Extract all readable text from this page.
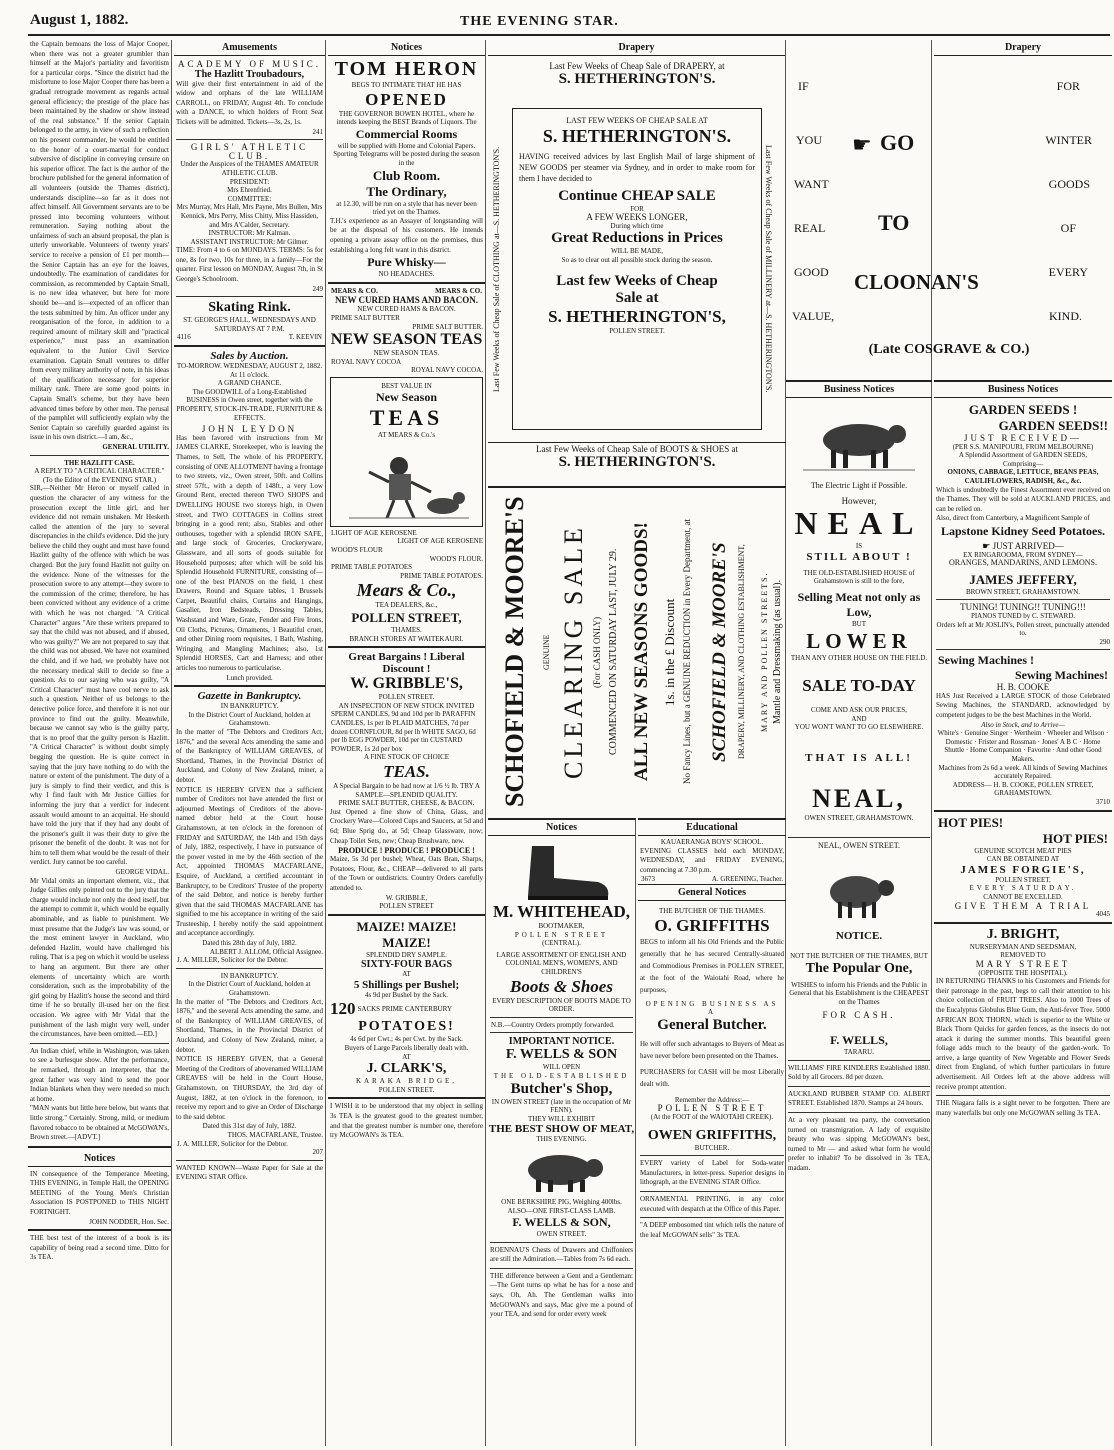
August 1, 1882.	THE EVENING STAR.
the Captain bemoans the loss of Major Cooper, when there was not a greater grumbler than himself at the Major's partiality and favoritism for a particular corps. "Since the district had the misfortune to lose Major Cooper there has been a gradual retrograde movement as regards actual general efficiency; the prestige of the place has been maintained by the shadow or show instead of the real substance." If the senior Captain belonged to the army, in view of such a reflection on his present commander, he would be entitled to the honor of a court-martial for conduct subversive of discipline in conveying censure on his superior officer. The fact is the author of the brochure published for the general information of all volunteers (outside the Thames district), understands discipline—so far as it does not affect himself. All Government servants are to be pressed into becoming volunteers without remuneration. Saying nothing about the unfairness of such an absurd proposal, the plan is utterly unworkable. Volunteers of twenty years' service to receive a pension of £1 per month—the Senior Captain has an eye for the loaves, undoubtedly. The examination of candidates for commission, as recommended by Captain Small, is no new idea whatever, but here for more should be—and is—expected of an officer than the tests submitted by him. An officer under any reorganisation of the force, in addition to a required amount of military skill and "practical experience," must pass an examination equivalent to the Junior Civil Service examination. Captain Small ventures to differ from every military authority of note, in his ideas of the qualification necessary for superior military rank. There are some good points in Captain Small's scheme, but they have been advanced times before by other men. The perusal of the pamphlet will sufficiently explain why the Senior Captain so carefully guarded against its issue in his own district.—I am, &c.,
GENERAL UTILITY.
THE HAZLITT CASE.
A REPLY TO "A CRITICAL CHARACTER." (To the Editor of the EVENING STAR.)
SIR,—Neither Mr Heron or myself called in question the character of any witness for the prosecution except the little girl, and her evidence did not remain unshaken. Mr Hesketh called the attention of the jury to several discrepancies in the child's evidence. Did the jury believe the child they ought and must have found Hazlitt guilty of the offence with which he was charged. But the jury found Hazlitt not guilty on the evidence. None of the witnesses for the prosecution swore to any attempt—they swore to the commission of the crime; therefore, he has been convicted without any evidence of a crime with which he was not charged. "A Critical Character" argues "Are these writers prepared to say that the child was not abused, and if abused, who was guilty?" We are not prepared to say that the child was not abused. We have not examined the child, and if we had, we probably have not the necessary medical skill to decide so fine a question. As to our saying who was guilty, "A Critical Character" must have cool nerve to ask such a question. Neither of us belongs to the detective police force, and therefore it is not our province to find out the guilty. Meanwhile, because we cannot say who is the guilty party, that is no proof that the guilty person is Hazlitt. "A Critical Character" is without doubt simply begging the question. He is quite correct in saying that the jury have nothing to do with the nature or extent of the punishment. The duty of a jury is simply to find their verdict, and this is why I find fault with Mr Justice Gillies for informing the jury that a verdict for indecent assault would amount to an acquittal. He should have told the jury that if they had any doubt of the prisoner's guilt it was their duty to give the prisoner the benefit of the doubt. It was not for him to tell them what would be the result of their verdict. Jury cannot be too careful.
GEORGE VIDAL.
Mr Vidal omits an important element, viz., that Judge Gillies only pointed out to the jury that the charge would include not only the deed itself, but the attempt to commit it, which would be equally abominable, and as liable to punishment. We must presume that the Judge's law was sound, or the most eminent lawyer in Auckland, who defended Hazlitt, would have challenged his ruling. That is a peg on which it would be useless to hang an argument. But there are other elements of uncertainty which are worth consideration, such as the improbability of the girl going by Hazlitt's house the second and third time if he so brutally ill-used her on the first occasion. We agree with Mr Vidal that the punishment of the lash might very well, under the circumstances, have been omitted.—ED.]
An Indian chief, while in Washington, was taken to see a burlesque show. After the performance, he remarked, through an interpreter, that the great father was very kind to send the poor Indian blankets when they were needed so much at home.
"MAN wants but little here below, but wants that little strong." Certainly. Strong, mild, or medium flavored tobacco to be obtained at McGOWAN's, Brown street.—[ADVT.]
Notices
IN consequence of the Temperance Meeting, THIS EVENING, in Temple Hall, the OPENING MEETING of the Young Men's Christian Association IS POSTPONED to THIS NIGHT FORTNIGHT.
JOHN NODDER, Hon. Sec.
THE best test of the interest of a book is its capability of being read a second time. Ditto for 3s TEA.
Amusements
ACADEMY OF MUSIC.
The Hazlitt Troubadours,
Will give their first entertainment in aid of the widow and orphans of the late WILLIAM CARROLL, on FRIDAY, August 4th. To conclude with a DANCE, to which holders of Front Seat Tickets will be admitted. Tickets—3s, 2s, 1s.
241
GIRLS' ATHLETIC CLUB.
Under the Auspices of the THAMES AMATEUR ATHLETIC CLUB.
PRESIDENT:
Mrs Ehrenfried.
COMMITTEE:
Mrs Murray, Mrs Hall, Mrs Payne, Mrs Bullen, Mrs Kennick, Mrs Perry, Miss Chitty, Miss Hassiden, and Mrs A'Calder, Secretary.
INSTRUCTOR: Mr Kalman.
ASSISTANT INSTRUCTOR: Mr Gilmer.
TIME: From 4 to 6 on MONDAYS. TERMS: 5s for one, 8s for two, 10s for three, in a family—For the quarter. First lesson on MONDAY, August 7th, in St George's Schoolroom.
249
Skating Rink.
ST. GEORGE'S HALL, WEDNESDAYS AND SATURDAYS AT 7 P.M.
4116	T. KEEVIN
Sales by Auction.
TO-MORROW. WEDNESDAY, AUGUST 2, 1882.
At 11 o'clock.
A GRAND CHANCE.
The GOODWILL of a Long-Established BUSINESS in Owen street, together with the PROPERTY, STOCK-IN-TRADE, FURNITURE & EFFECTS.
JOHN LEYDON
Has been favored with instructions from Mr JAMES CLARKE, Storekeeper, who is leaving the Thames, to Sell, The whole of his PROPERTY, consisting of ONE ALLOTMENT having a frontage to two streets, viz., Owen street, 50ft. and Collins street 57ft., with a depth of 148ft., a very Low Ground Rent, erected thereon TWO SHOPS and DWELLING HOUSE two storeys high, in Owen street, and TWO COTTAGES in Collins street bringing in a good rent; also, Stables and other outhouses, together with a splendid IRON SAFE, and large stock of Groceries, Crockeryware, Glassware, and all sorts of goods suitable for Household purposes; after which will be sold his Splendid Household FURNITURE, consisting of—one of the best PIANOS on the field, 1 chest Drawers, Round and Square tables, 1 Brussels Carpet, Beautiful chairs, Curtains and Hangings, Gasalier, Iron Bedsteads, Dressing Tables, Washstand and Ware, Grate, Fender and Fire Irons, Oil Cloths, Pictures, Ornaments, 1 Beautiful cruet, and other Dining room requisites, 1 Bath, Washing, Wringing and Mangling Machines; also, 1st Splendid HORSES, Cart and Harness; and other articles too numerous to particularise.
Lunch provided.
Gazette in Bankruptcy.
IN BANKRUPTCY.
In the District Court of Auckland, holden at Grahamstown.
In the matter of "The Debtors and Creditors Act, 1876," and the several Acts amending the same and of the Bankruptcy of WILLIAM GREAVES, of Shortland, Thames, in the Provincial District of Auckland, and Colony of New Zealand, miner, a debtor.
NOTICE IS HEREBY GIVEN that a sufficient number of Creditors not have attended the first or adjourned Meetings of Creditors of the above-named debtor held at the Court house Grahamstown, at ten o'clock in the forenoon of FRIDAY and SATURDAY, the 14th and 15th days of July, 1882, respectively, I have in pursuance of the power vested in me by the 46th section of the Act, appointed THOMAS MACFARLANE, Esquire, of Auckland, a certified accountant in Bankruptcy, to be Creditors' Trustee of the property of the said Debtor, and notice is hereby further given that the said THOMAS MACFARLANE has signified to me his acceptance in writing of the said Trusteeship, I hereby notify the said appointment and acceptance accordingly.
Dated this 28th day of July, 1882.
ALBERT J. ALLOM, Official Assignee.
J. A. MILLER, Solicitor for the Debtor.
IN BANKRUPTCY.
In the District Court of Auckland, holden at Grahamstown.
In the matter of "The Debtors and Creditors Act, 1876," and the several Acts amending the same, and of the Bankruptcy of WILLIAM GREAVES, of Shortland, Thames, in the Provincial District of Auckland, and Colony of New Zealand, miner, a debtor.
NOTICE IS HEREBY GIVEN, that a General Meeting of the Creditors of abovenamed WILLIAM GREAVES will be held in the Court House, Grahamstown, on THURSDAY, the 3rd day of August, 1882, at ten o'clock in the forenoon, to receive my report and to give an Order of Discharge to the said debtor.
Dated this 31st day of July, 1882.
THOS. MACFARLANE, Trustee.
J. A. MILLER, Solicitor for the Debtor.
207
WANTED KNOWN—Waste Paper for Sale at the EVENING STAR Office.
Notices
TOM HERON
BEGS TO INTIMATE THAT HE HAS
OPENED
THE GOVERNOR BOWEN HOTEL, where he intends keeping the BEST Brands of Liquors. The
Commercial Rooms
will be supplied with Home and Colonial Papers. Sporting Telegrams will be posted during the season in the
Club Room.
The Ordinary,
at 12.30, will be run on a style that has never been tried yet on the Thames.
T.H.'s experience as an Assayer of longstanding will be at the disposal of his customers. He intends opening a private assay office on the premises, thus establishing a long felt want in this district.
Pure Whisky—
NO HEADACHES.
MEARS & CO.	MEARS & CO.
NEW CURED HAMS AND BACON.
NEW CURED HAMS & BACON.
PRIME SALT BUTTER
PRIME SALT BUTTER.
NEW SEASON TEAS
NEW SEASON TEAS.
ROYAL NAVY COCOA
ROYAL NAVY COCOA.
BEST VALUE IN
New Season
TEAS
AT MEARS & Co.'s
LIGHT OF AGE KEROSENE
LIGHT OF AGE KEROSENE
WOOD'S FLOUR
WOOD'S FLOUR.
PRIME TABLE POTATOES
PRIME TABLE POTATOES.
Mears & Co.,
TEA DEALERS, &c.,
POLLEN STREET,
THAMES.
BRANCH STORES AT WAITEKAURI.
Great Bargains ! Liberal Discount !
W. GRIBBLE'S,
POLLEN STREET.
AN INSPECTION OF NEW STOCK INVITED
SPERM CANDLES, 9d and 10d per lb PARAFFIN CANDLES, 1s per lb PLAID MATCHES, 7d per dozen CORNFLOUR, 8d per lb WHITE SAGO, 6d per lb EGG POWDER, 10d per tin CUSTARD POWDER, 1s 2d per box
A FINE STOCK OF CHOICE
TEAS.
A Special Bargain to be had now at 1/6 ½ lb. TRY A SAMPLE—SPLENDID QUALITY.
PRIME SALT BUTTER, CHEESE, & BACON.
Just Opened a fine show of China, Glass, and Crockery Ware—Colored Cups and Saucers, at 5d and 6d; Blue Sprig do., at 5d; Cheap Glassware, now; Cheap Toilet Sets, new; Cheap Brushware, new.
PRODUCE ! PRODUCE ! PRODUCE !
Maize, 5s 3d per bushel; Wheat, Oats Bran, Sharps, Potatoes, Flour, &c., CHEAP—delivered to all parts of the Town or outdistricts. Country Orders carefully attended to.
W. GRIBBLE,
POLLEN STREET
MAIZE! MAIZE!
MAIZE!
SPLENDID DRY SAMPLE.
SIXTY-FOUR BAGS
AT
5 Shillings per Bushel;
4s 9d per Bushel by the Sack.
120 SACKS PRIME CANTERBURY
POTATOES!
4s 6d per Cwt.; 4s per Cwt. by the Sack.
Buyers of Large Parcels liberally dealt with.
AT
J. CLARK'S,
KARAKA BRIDGE,
POLLEN STREET.
I WISH it to be understood that my object in selling 3s TEA is the greatest good to the greatest number, and that the greatest number is number one, therefore try McGOWAN's 3s TEA.
Drapery
Last Few Weeks of Cheap Sale of DRAPERY, at
S. HETHERINGTON'S.
Last Few Weeks of Cheap Sale of CLOTHING at—S. HETHERINGTON'S.	Last Few Weeks of Cheap Sale of MILLINERY at—S. HETHERINGTON'S.
LAST FEW WEEKS OF CHEAP SALE AT
S. HETHERINGTON'S.
HAVING received advices by last English Mail of large shipment of NEW GOODS per steamer via Sydney, and in order to make room for them I have decided to
Continue CHEAP SALE
FOR
A FEW WEEKS LONGER,
During which time
Great Reductions in Prices
WILL BE MADE,
So as to clear out all possible stock during the season.
Last few Weeks of Cheap
Sale at
S. HETHERINGTON'S,
POLLEN STREET.
Last Few Weeks of Cheap Sale of BOOTS & SHOES at
S. HETHERINGTON'S.
SCHOFIELD & MOORE'S	GENUINE CLEARING SALE (For CASH ONLY) COMMENCED ON SATURDAY LAST, JULY 29. ALL NEW SEASONS GOODS! 1s. in the £ Discount No Fancy Lines, but a GENUINE REDUCTION in Every Department, at SCHOFIELD & MOORE'S DRAPERY, MILLINERY, AND CLOTHING ESTABLISHMENT, MARY AND POLLEN STREETS. Mantle and Dressmaking (as usual).
Notices
M. WHITEHEAD,
BOOTMAKER,
POLLEN STREET
(CENTRAL).
LARGE ASSORTMENT OF ENGLISH AND COLONIAL MEN'S, WOMEN'S, AND CHILDREN'S
Boots & Shoes
EVERY DESCRIPTION OF BOOTS MADE TO ORDER.
N.B.—Country Orders promptly forwarded.
IMPORTANT NOTICE.
F. WELLS & SON
WILL OPEN
THE OLD-ESTABLISHED
Butcher's Shop,
IN OWEN STREET (late in the occupation of Mr FENN).
THEY WILL EXHIBIT
THE BEST SHOW OF MEAT,
THIS EVENING.
ONE BERKSHIRE PIG, Weighing 400lbs.
ALSO—ONE FIRST-CLASS LAMB.
F. WELLS & SON,
OWEN STREET.
ROENNAU'S Chests of Drawers and Chiffoniers are still the Admiration.—Tables from 7s 6d each.
THE difference between a Gent and a Gentleman:—The Gent turns up what he has for a nose and says, Oh, Ah. The Gentleman walks into McGOWAN's and says, Mac give me a pound of your TEA, and send for order every week
Educational
KAUAERANGA BOYS' SCHOOL.
EVENING CLASSES held each MONDAY, WEDNESDAY, and FRIDAY EVENING, commencing at 7.30 p.m.
3673	A. GREENING, Teacher.
General Notices
THE BUTCHER OF THE THAMES.
O. GRIFFITHS
BEGS to inform all his Old Friends and the Public generally that he has secured Centrally-situated and Commodious Premises in POLLEN STREET, at the foot of the Waiotahi Road, where he purposes,
OPENING BUSINESS AS A
General Butcher.
He will offer such advantages to Buyers of Meat as have never before been presented on the Thames.
PURCHASERS for CASH will be most Liberally dealt with.
Remember the Address:—
POLLEN STREET
(At the FOOT of the WAIOTAHI CREEK).
OWEN GRIFFITHS,
BUTCHER.
EVERY variety of Label for Soda-water Manufacturers, in letter-press. Superior designs in lithograph, at the EVENING STAR Office.
ORNAMENTAL PRINTING, in any color executed with despatch at the Office of this Paper.
"A DEEP embosomed tint which tells the nature of the leaf McGOWAN sells" 3s TEA.

IF
YOU
WANT
REAL
GOOD
VALUE,
☛ GO
TO
CLOONAN'S
Business Notices
The Electric Light if Possible.
However,
NEAL
IS
STILL ABOUT !
THE OLD-ESTABLISHED HOUSE of Grahamstown is still to the fore,
Selling Meat not only as Low,
BUT
LOWER
THAN ANY OTHER HOUSE ON THE FIELD.
SALE TO-DAY
COME AND ASK OUR PRICES,
AND
YOU WON'T WANT TO GO ELSEWHERE.
THAT IS ALL!
NEAL,
OWEN STREET, GRAHAMSTOWN.
NEAL, OWEN STREET.
NOTICE.
NOT THE BUTCHER OF THE THAMES, BUT
The Popular One,
WISHES to inform his Friends and the Public in General that his Establishment is the CHEAPEST on the Thames
FOR CASH.
F. WELLS,
TARARU.
WILLIAMS' FIRE KINDLERS Established 1880. Sold by all Grocers. 8d per dozen.
AUCKLAND RUBBER STAMP CO. ALBERT STREET. Established 1870. Stamps at 24 hours.
At a very pleasant tea party, the conversation turned on transmigration. A lady of exquisite beauty who was sipping McGOWAN's best, turned to Mr — and asked what form he would prefer to inhabit? To be dissolved in 3s TEA, madam.
Drapery
FOR
WINTER
GOODS
OF
EVERY
KIND.
(Late COSGRAVE & CO.)
Business Notices
GARDEN SEEDS !
GARDEN SEEDS!!
JUST RECEIVED—
(PER S.S. MANIPOURI, FROM MELBOURNE)
A Splendid Assortment of GARDEN SEEDS,
Comprising—
ONIONS, CABBAGE, LETTUCE, BEANS PEAS, CAULIFLOWERS, RADISH, &c., &c.
Which is undoubtedly the Finest Assortment ever received on the Thames. They will be sold at AUCKLAND PRICES, and can be relied on.
Also, direct from Canterbury, a Magnificent Sample of
Lapstone Kidney Seed Potatoes.
☛ JUST ARRIVED—
EX RINGAROOMA, FROM SYDNEY—
ORANGES, MANDARINS, AND LEMONS.
JAMES JEFFERY,
BROWN STREET, GRAHAMSTOWN.
TUNING! TUNING!! TUNING!!!
PIANOS TUNED by C. STEWARD.
Orders left at Mr JOSLIN's, Pollen street, punctually attended to.
290
Sewing Machines !
Sewing Machines!
H. B. COOKE
HAS Just Received a LARGE STOCK of those Celebrated Sewing Machines, the STANDARD, acknowledged by competent judges to be the best Machines in the World.
Also in Stock, and to Arrive—
White's · Genuine Singer · Wertheim · Wheeler and Wilson · Domestic · Frister and Rossman · Jones' A B C · Home Shuttle · Home Companion · Favorite · And other Good Makers.
Machines from 2s 6d a week. All kinds of Sewing Machines accurately Repaired.
ADDRESS— H. B. COOKE, POLLEN STREET, GRAHAMSTOWN.
3710
HOT PIES!
HOT PIES!
GENUINE SCOTCH MEAT PIES
CAN BE OBTAINED AT
JAMES FORGIE'S,
POLLEN STREET,
EVERY SATURDAY.
CANNOT BE EXCELLED.
GIVE THEM A TRIAL
4045
J. BRIGHT,
NURSERYMAN AND SEEDSMAN,
REMOVED TO
MARY STREET
(OPPOSITE THE HOSPITAL).
IN RETURNING THANKS to his Customers and Friends for their patronage in the past, begs to call their attention to his choice collection of FRUIT TREES. Also to 1000 Trees of the Eucalyptus Globulus Blue Gum, the Anti-fever Tree. 5000 AFRICAN BOX THORN, which is superior to the White or Black Thorn Quicks for garden fences, as the insects do not attack it during the summer months. This beautiful green foliage adds much to the beauty of the garden-work. To arrive, a large quantity of New Vegetable and Flower Seeds direct from England, of which further particulars in future advertisement. All Orders left at the above address will receive prompt attention.
THE Niagara falls is a sight never to be forgotten. There are many waterfalls but only one McGOWAN selling 3s TEA.
